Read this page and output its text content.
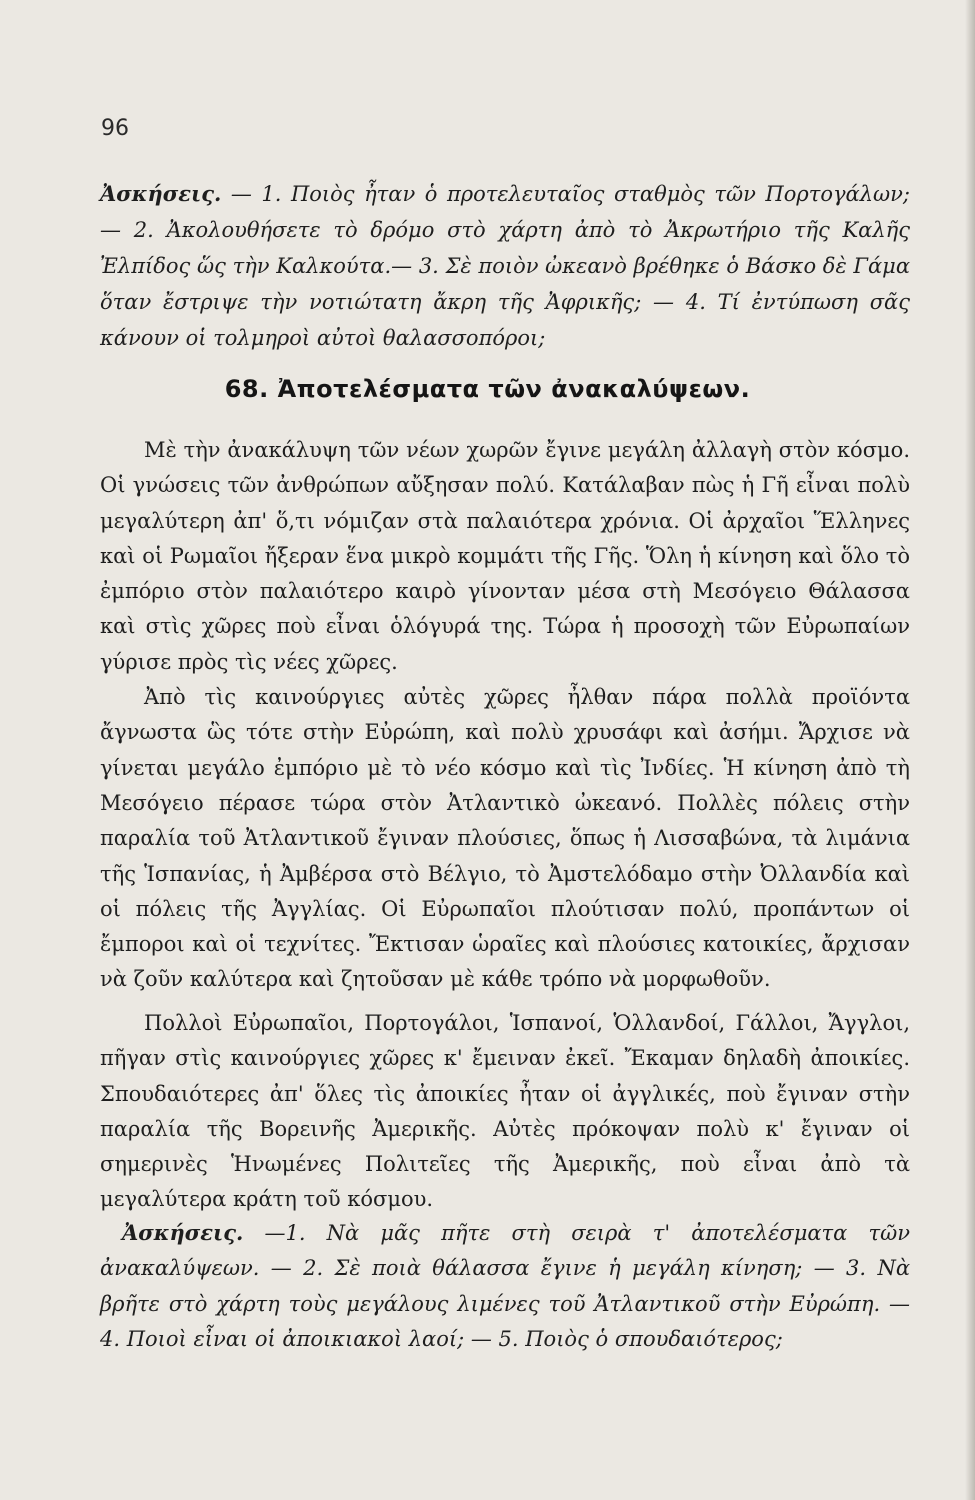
96
Ἀσκήσεις. — 1. Ποιὸς ἦταν ὁ προτελευταῖος σταθμὸς τῶν Πορτογάλων; — 2. Ἀκολουθήσετε τὸ δρόμο στὸ χάρτη ἀπὸ τὸ Ἀκρωτήριο τῆς Καλῆς Ἐλπίδος ὥς τὴν Καλκούτα.— 3. Σὲ ποιὸν ὠκεανὸ βρέθηκε ὁ Βάσκο δὲ Γάμα ὅταν ἔστριψε τὴν νοτιώτατη ἄκρη τῆς Ἀφρικῆς; — 4. Τί ἐντύπωση σᾶς κάνουν οἱ τολμηροὶ αὐτοὶ θαλασσοπόροι;
68. Ἀποτελέσματα τῶν ἀνακαλύψεων.

Μὲ τὴν ἀνακάλυψη τῶν νέων χωρῶν ἔγινε μεγάλη ἀλλαγὴ στὸν κόσμο. Οἱ γνώσεις τῶν ἀνθρώπων αὔξησαν πολύ. Κατάλαβαν πὼς ἡ Γῆ εἶναι πολὺ μεγαλύτερη ἀπ' ὅ,τι νόμιζαν στὰ παλαιότερα χρόνια. Οἱ ἀρχαῖοι Ἕλληνες καὶ οἱ Ρωμαῖοι ἤξεραν ἕνα μικρὸ κομμάτι τῆς Γῆς. Ὅλη ἡ κίνηση καὶ ὅλο τὸ ἐμπόριο στὸν παλαιότερο καιρὸ γίνονταν μέσα στὴ Μεσόγειο Θάλασσα καὶ στὶς χῶρες ποὺ εἶναι ὁλόγυρά της. Τώρα ἡ προσοχὴ τῶν Εὐρωπαίων γύρισε πρὸς τὶς νέες χῶρες.

Ἀπὸ τὶς καινούργιες αὐτὲς χῶρες ἦλθαν πάρα πολλὰ προϊόντα ἄγνωστα ὣς τότε στὴν Εὐρώπη, καὶ πολὺ χρυσάφι καὶ ἀσήμι. Ἄρχισε νὰ γίνεται μεγάλο ἐμπόριο μὲ τὸ νέο κόσμο καὶ τὶς Ἰνδίες. Ἡ κίνηση ἀπὸ τὴ Μεσόγειο πέρασε τώρα στὸν Ἀτλαντικὸ ὠκεανό. Πολλὲς πόλεις στὴν παραλία τοῦ Ἀτλαντικοῦ ἔγιναν πλούσιες, ὅπως ἡ Λισσαβώνα, τὰ λιμάνια τῆς Ἱσπανίας, ἡ Ἀμβέρσα στὸ Βέλγιο, τὸ Ἀμστελόδαμο στὴν Ὀλλανδία καὶ οἱ πόλεις τῆς Ἀγγλίας. Οἱ Εὐρωπαῖοι πλούτισαν πολύ, προπάντων οἱ ἔμποροι καὶ οἱ τεχνίτες. Ἔκτισαν ὡραῖες καὶ πλούσιες κατοικίες, ἄρχισαν νὰ ζοῦν καλύτερα καὶ ζητοῦσαν μὲ κάθε τρόπο νὰ μορφωθοῦν.

Πολλοὶ Εὐρωπαῖοι, Πορτογάλοι, Ἱσπανοί, Ὁλλανδοί, Γάλλοι, Ἄγγλοι, πῆγαν στὶς καινούργιες χῶρες κ' ἔμειναν ἐκεῖ. Ἔκαμαν δηλαδὴ ἀποικίες. Σπουδαιότερες ἀπ' ὅλες τὶς ἀποικίες ἦταν οἱ ἀγγλικές, ποὺ ἔγιναν στὴν παραλία τῆς Βορεινῆς Ἀμερικῆς. Αὐτὲς πρόκοψαν πολὺ κ' ἔγιναν οἱ σημερινὲς Ἡνωμένες Πολιτεῖες τῆς Ἀμερικῆς, ποὺ εἶναι ἀπὸ τὰ μεγαλύτερα κράτη τοῦ κόσμου.

Ἀσκήσεις. —1. Νὰ μᾶς πῆτε στὴ σειρὰ τ' ἀποτελέσματα τῶν ἀνακαλύψεων. — 2. Σὲ ποιὰ θάλασσα ἔγινε ἡ μεγάλη κίνηση; — 3. Νὰ βρῆτε στὸ χάρτη τοὺς μεγάλους λιμένες τοῦ Ἀτλαντικοῦ στὴν Εὐρώπη. — 4. Ποιοὶ εἶναι οἱ ἀποικιακοὶ λαοί; — 5. Ποιὸς ὁ σπουδαιότερος;
